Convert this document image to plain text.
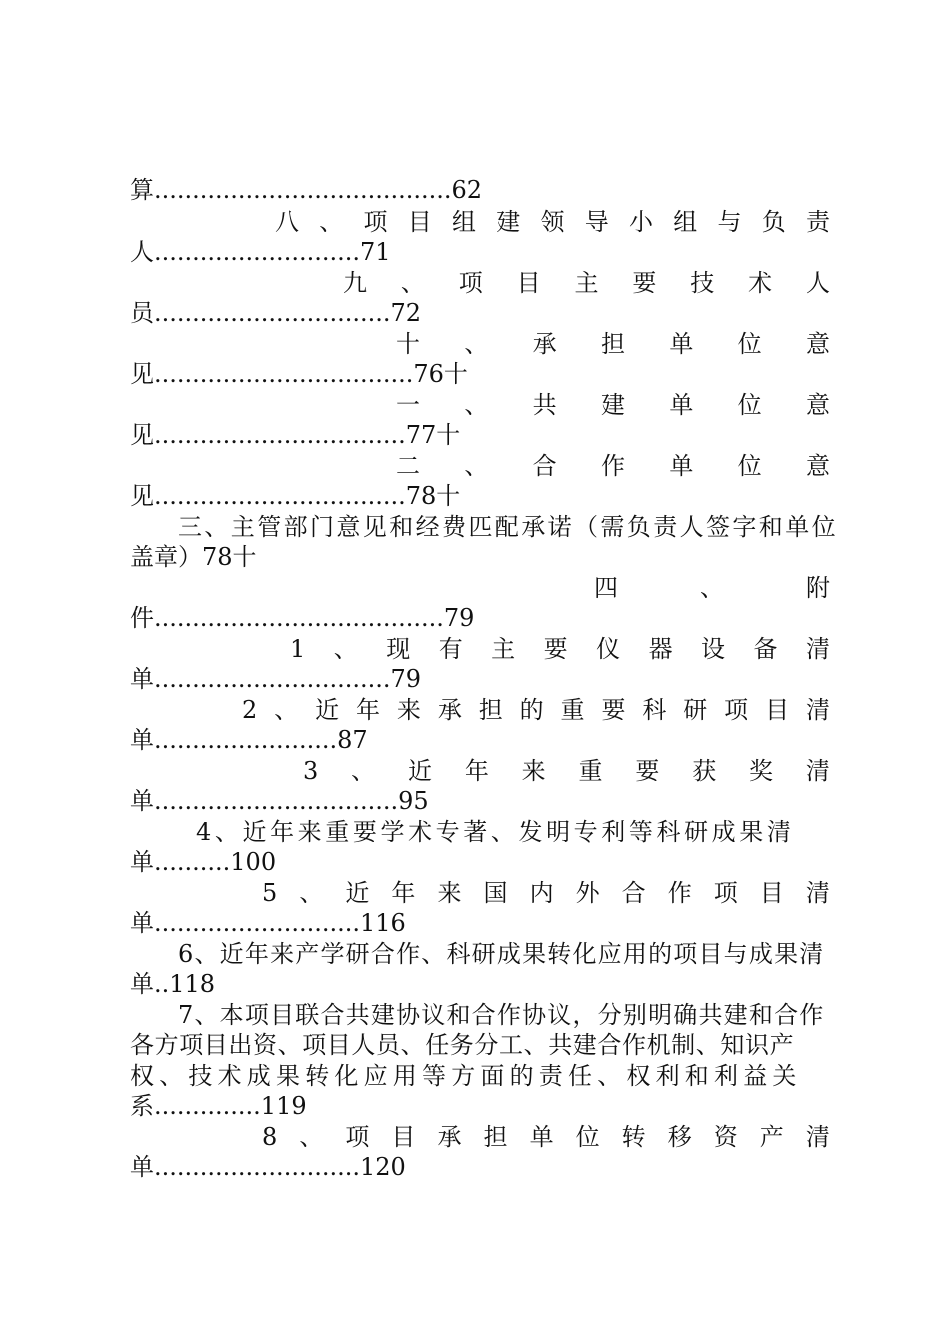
算.......................................62
八 、 项 目 组 建 领 导 小 组 与 负 责
人...........................71
九 、 项 目 主 要 技 术 人
员...............................72
十 、 承 担 单 位 意
见..................................76十
一 、 共 建 单 位 意
见.................................77十
二 、 合 作 单 位 意
见.................................78十
三、主管部门意见和经费匹配承诺（需负责人签字和单位
盖章）78十
四	、	附
件......................................79
1 、 现 有 主 要 仪 器 设 备 清
单...............................79
2 、 近 年 来 承 担 的 重 要 科 研 项 目 清
单........................87
3 、 近 年 来 重 要 获 奖 清
单................................95
4、近年来重要学术专著、发明专利等科研成果清
单..........100
5 、 近 年 来 国 内 外 合 作 项 目 清
单...........................116
6、近年来产学研合作、科研成果转化应用的项目与成果清
单..118
7、本项目联合共建协议和合作协议，分别明确共建和合作
各方项目出资、项目人员、任务分工、共建合作机制、知识产
权、技术成果转化应用等方面的责任、权利和利益关
系..............119
8 、 项 目 承 担 单 位 转 移 资 产 清
单...........................120
